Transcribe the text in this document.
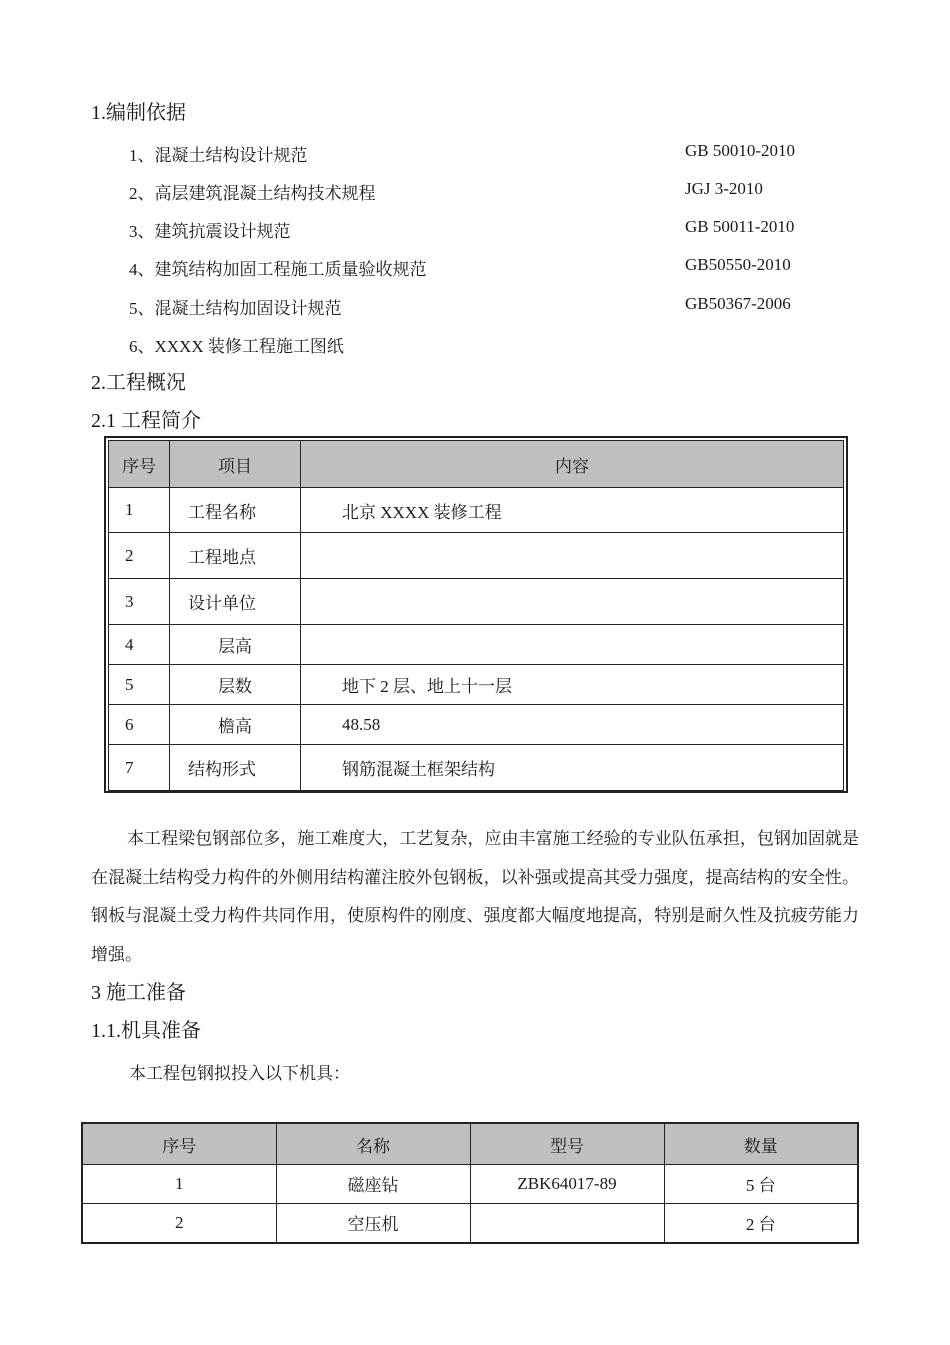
1.编制依据
1、混凝土结构设计规范	GB 50010-2010
2、高层建筑混凝土结构技术规程	JGJ 3-2010
3、建筑抗震设计规范	GB 50011-2010
4、建筑结构加固工程施工质量验收规范	GB50550-2010
5、混凝土结构加固设计规范	GB50367-2006
6、XXXX 装修工程施工图纸
2.工程概况
2.1 工程简介
序号	项目	内容
1	工程名称	北京 XXXX 装修工程
2	工程地点	
3	设计单位	
4	层高	
5	层数	地下 2 层、地上十一层
6	檐高	48.58
7	结构形式	钢筋混凝土框架结构
本工程梁包钢部位多，施工难度大，工艺复杂，应由丰富施工经验的专业队伍承担，包钢加固就是在混凝土结构受力构件的外侧用结构灌注胶外包钢板，以补强或提高其受力强度，提高结构的安全性。钢板与混凝土受力构件共同作用，使原构件的刚度、强度都大幅度地提高，特别是耐久性及抗疲劳能力增强。
3 施工准备
1.1.机具准备
本工程包钢拟投入以下机具：
序号	名称	型号	数量
1	磁座钻	ZBK64017-89	5 台
2	空压机		2 台
